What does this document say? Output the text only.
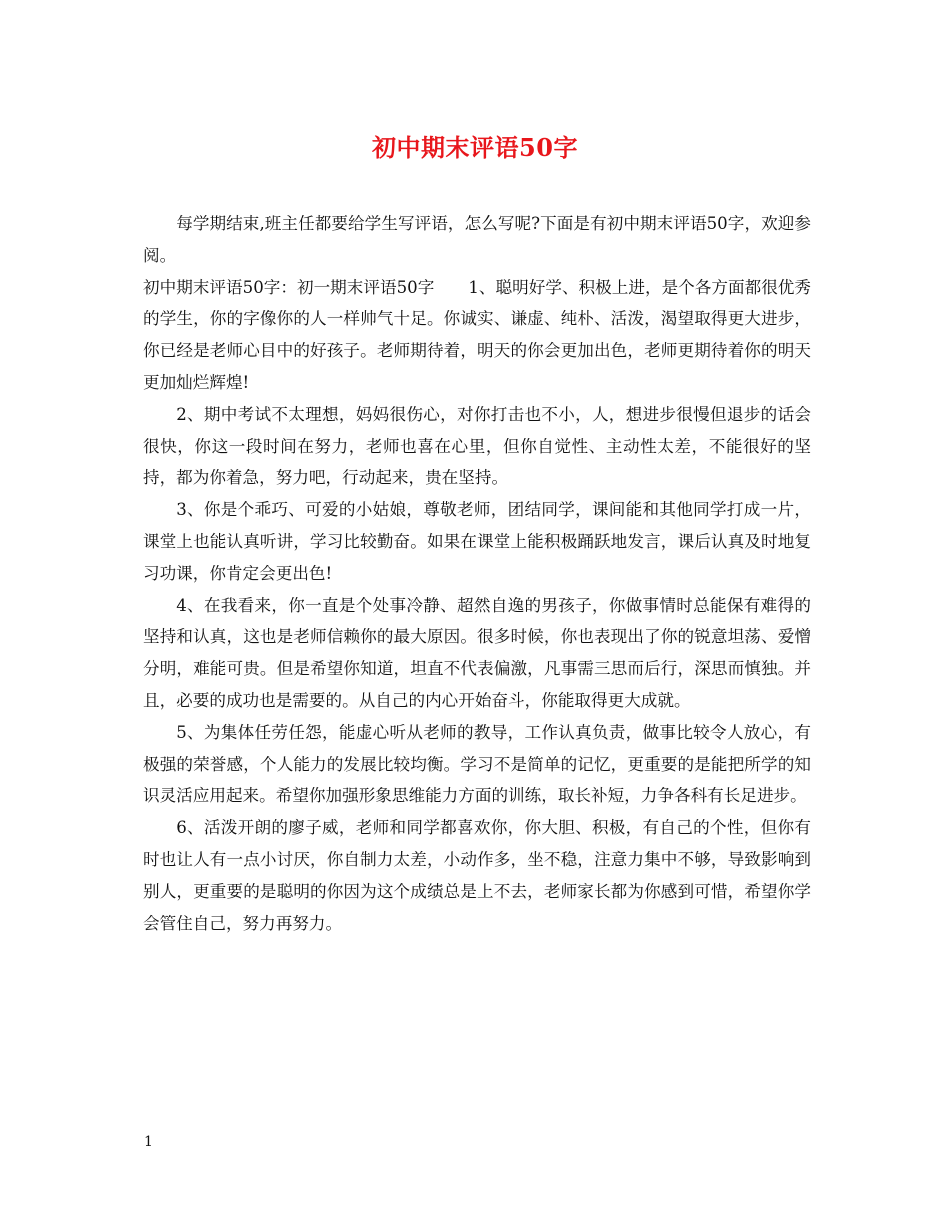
初中期末评语50字

每学期结束,班主任都要给学生写评语，怎么写呢?下面是有初中期末评语50字，欢迎参阅。

初中期末评语50字：初一期末评语50字 1、聪明好学、积极上进，是个各方面都很优秀的学生，你的字像你的人一样帅气十足。你诚实、谦虚、纯朴、活泼，渴望取得更大进步，你已经是老师心目中的好孩子。老师期待着，明天的你会更加出色，老师更期待着你的明天更加灿烂辉煌!

2、期中考试不太理想，妈妈很伤心，对你打击也不小，人，想进步很慢但退步的话会很快，你这一段时间在努力，老师也喜在心里，但你自觉性、主动性太差，不能很好的坚持，都为你着急，努力吧，行动起来，贵在坚持。

3、你是个乖巧、可爱的小姑娘，尊敬老师，团结同学，课间能和其他同学打成一片，课堂上也能认真听讲，学习比较勤奋。如果在课堂上能积极踊跃地发言，课后认真及时地复习功课，你肯定会更出色!

4、在我看来，你一直是个处事冷静、超然自逸的男孩子，你做事情时总能保有难得的坚持和认真，这也是老师信赖你的最大原因。很多时候，你也表现出了你的锐意坦荡、爱憎分明，难能可贵。但是希望你知道，坦直不代表偏激，凡事需三思而后行，深思而慎独。并且，必要的成功也是需要的。从自己的内心开始奋斗，你能取得更大成就。

5、为集体任劳任怨，能虚心听从老师的教导，工作认真负责，做事比较令人放心，有极强的荣誉感，个人能力的发展比较均衡。学习不是简单的记忆，更重要的是能把所学的知识灵活应用起来。希望你加强形象思维能力方面的训练，取长补短，力争各科有长足进步。

6、活泼开朗的廖子威，老师和同学都喜欢你，你大胆、积极，有自己的个性，但你有时也让人有一点小讨厌，你自制力太差，小动作多，坐不稳，注意力集中不够，导致影响到别人，更重要的是聪明的你因为这个成绩总是上不去，老师家长都为你感到可惜，希望你学会管住自己，努力再努力。

1
